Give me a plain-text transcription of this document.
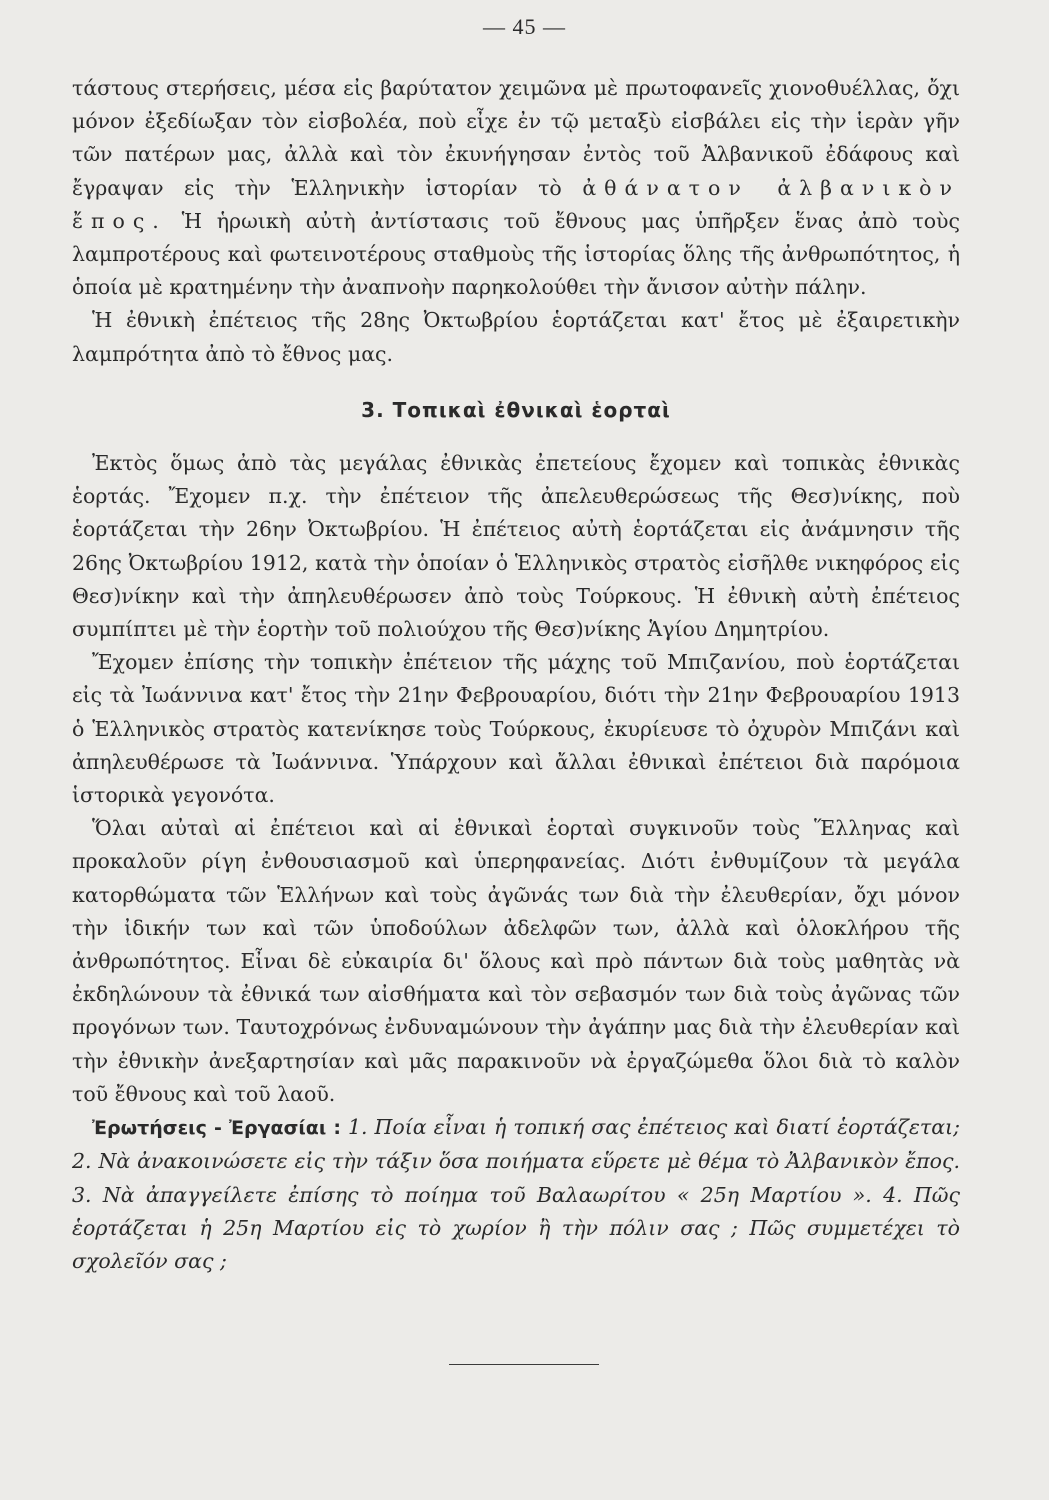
— 45 —

τάστους στερήσεις, μέσα εἰς βαρύτατον χειμῶνα μὲ πρωτοφανεῖς χιονοθυέλλας, ὄχι μόνον ἐξεδίωξαν τὸν εἰσβολέα, ποὺ εἶχε ἐν τῷ μεταξὺ εἰσβάλει εἰς τὴν ἱερὰν γῆν τῶν πατέρων μας, ἀλλὰ καὶ τὸν ἐκυνήγησαν ἐντὸς τοῦ Ἀλβανικοῦ ἐδάφους καὶ ἔγραψαν εἰς τὴν Ἑλληνικὴν ἱστορίαν τὸ ἀθάνατον ἀλβανικὸν ἔπος. Ἡ ἡρωικὴ αὐτὴ ἀντίστασις τοῦ ἔθνους μας ὑπῆρξεν ἕνας ἀπὸ τοὺς λαμπροτέρους καὶ φωτεινοτέρους σταθμοὺς τῆς ἱστορίας ὅλης τῆς ἀνθρωπότητος, ἡ ὁποία μὲ κρατημένην τὴν ἀναπνοὴν παρηκολούθει τὴν ἄνισον αὐτὴν πάλην.

Ἡ ἐθνικὴ ἐπέτειος τῆς 28ης Ὀκτωβρίου ἑορτάζεται κατ' ἔτος μὲ ἐξαιρετικὴν λαμπρότητα ἀπὸ τὸ ἔθνος μας.

3. Τοπικαὶ ἐθνικαὶ ἑορταὶ

Ἐκτὸς ὅμως ἀπὸ τὰς μεγάλας ἐθνικὰς ἐπετείους ἔχομεν καὶ τοπικὰς ἐθνικὰς ἑορτάς. Ἔχομεν π.χ. τὴν ἐπέτειον τῆς ἀπελευθερώσεως τῆς Θεσ)νίκης, ποὺ ἑορτάζεται τὴν 26ην Ὀκτωβρίου. Ἡ ἐπέτειος αὐτὴ ἑορτάζεται εἰς ἀνάμνησιν τῆς 26ης Ὀκτωβρίου 1912, κατὰ τὴν ὁποίαν ὁ Ἑλληνικὸς στρατὸς εἰσῆλθε νικηφόρος εἰς Θεσ)νίκην καὶ τὴν ἀπηλευθέρωσεν ἀπὸ τοὺς Τούρκους. Ἡ ἐθνικὴ αὐτὴ ἐπέτειος συμπίπτει μὲ τὴν ἑορτὴν τοῦ πολιούχου τῆς Θεσ)νίκης Ἁγίου Δημητρίου.

Ἔχομεν ἐπίσης τὴν τοπικὴν ἐπέτειον τῆς μάχης τοῦ Μπιζανίου, ποὺ ἑορτάζεται εἰς τὰ Ἰωάννινα κατ' ἔτος τὴν 21ην Φεβρουαρίου, διότι τὴν 21ην Φεβρουαρίου 1913 ὁ Ἑλληνικὸς στρατὸς κατενίκησε τοὺς Τούρκους, ἐκυρίευσε τὸ ὀχυρὸν Μπιζάνι καὶ ἀπηλευθέρωσε τὰ Ἰωάννινα. Ὑπάρχουν καὶ ἄλλαι ἐθνικαὶ ἐπέτειοι διὰ παρόμοια ἱστορικὰ γεγονότα.

Ὅλαι αὐταὶ αἱ ἐπέτειοι καὶ αἱ ἐθνικαὶ ἑορταὶ συγκινοῦν τοὺς Ἕλληνας καὶ προκαλοῦν ρίγη ἐνθουσιασμοῦ καὶ ὑπερηφανείας. Διότι ἐνθυμίζουν τὰ μεγάλα κατορθώματα τῶν Ἑλλήνων καὶ τοὺς ἀγῶνάς των διὰ τὴν ἐλευθερίαν, ὄχι μόνον τὴν ἰδικήν των καὶ τῶν ὑποδούλων ἀδελφῶν των, ἀλλὰ καὶ ὁλοκλήρου τῆς ἀνθρωπότητος. Εἶναι δὲ εὐκαιρία δι' ὅλους καὶ πρὸ πάντων διὰ τοὺς μαθητὰς νὰ ἐκδηλώνουν τὰ ἐθνικά των αἰσθήματα καὶ τὸν σεβασμόν των διὰ τοὺς ἀγῶνας τῶν προγόνων των. Ταυτοχρόνως ἐνδυναμώνουν τὴν ἀγάπην μας διὰ τὴν ἐλευθερίαν καὶ τὴν ἐθνικὴν ἀνεξαρτησίαν καὶ μᾶς παρακινοῦν νὰ ἐργαζώμεθα ὅλοι διὰ τὸ καλὸν τοῦ ἔθνους καὶ τοῦ λαοῦ.

Ἐρωτήσεις - Ἐργασίαι : 1. Ποία εἶναι ἡ τοπική σας ἐπέτειος καὶ διατί ἑορτάζεται; 2. Νὰ ἀνακοινώσετε εἰς τὴν τάξιν ὅσα ποιήματα εὕρετε μὲ θέμα τὸ Ἀλβανικὸν ἔπος. 3. Νὰ ἀπαγγείλετε ἐπίσης τὸ ποίημα τοῦ Βαλαωρίτου « 25η Μαρτίου ». 4. Πῶς ἑορτάζεται ἡ 25η Μαρτίου εἰς τὸ χωρίον ἢ τὴν πόλιν σας ; Πῶς συμμετέχει τὸ σχολεῖόν σας ;
